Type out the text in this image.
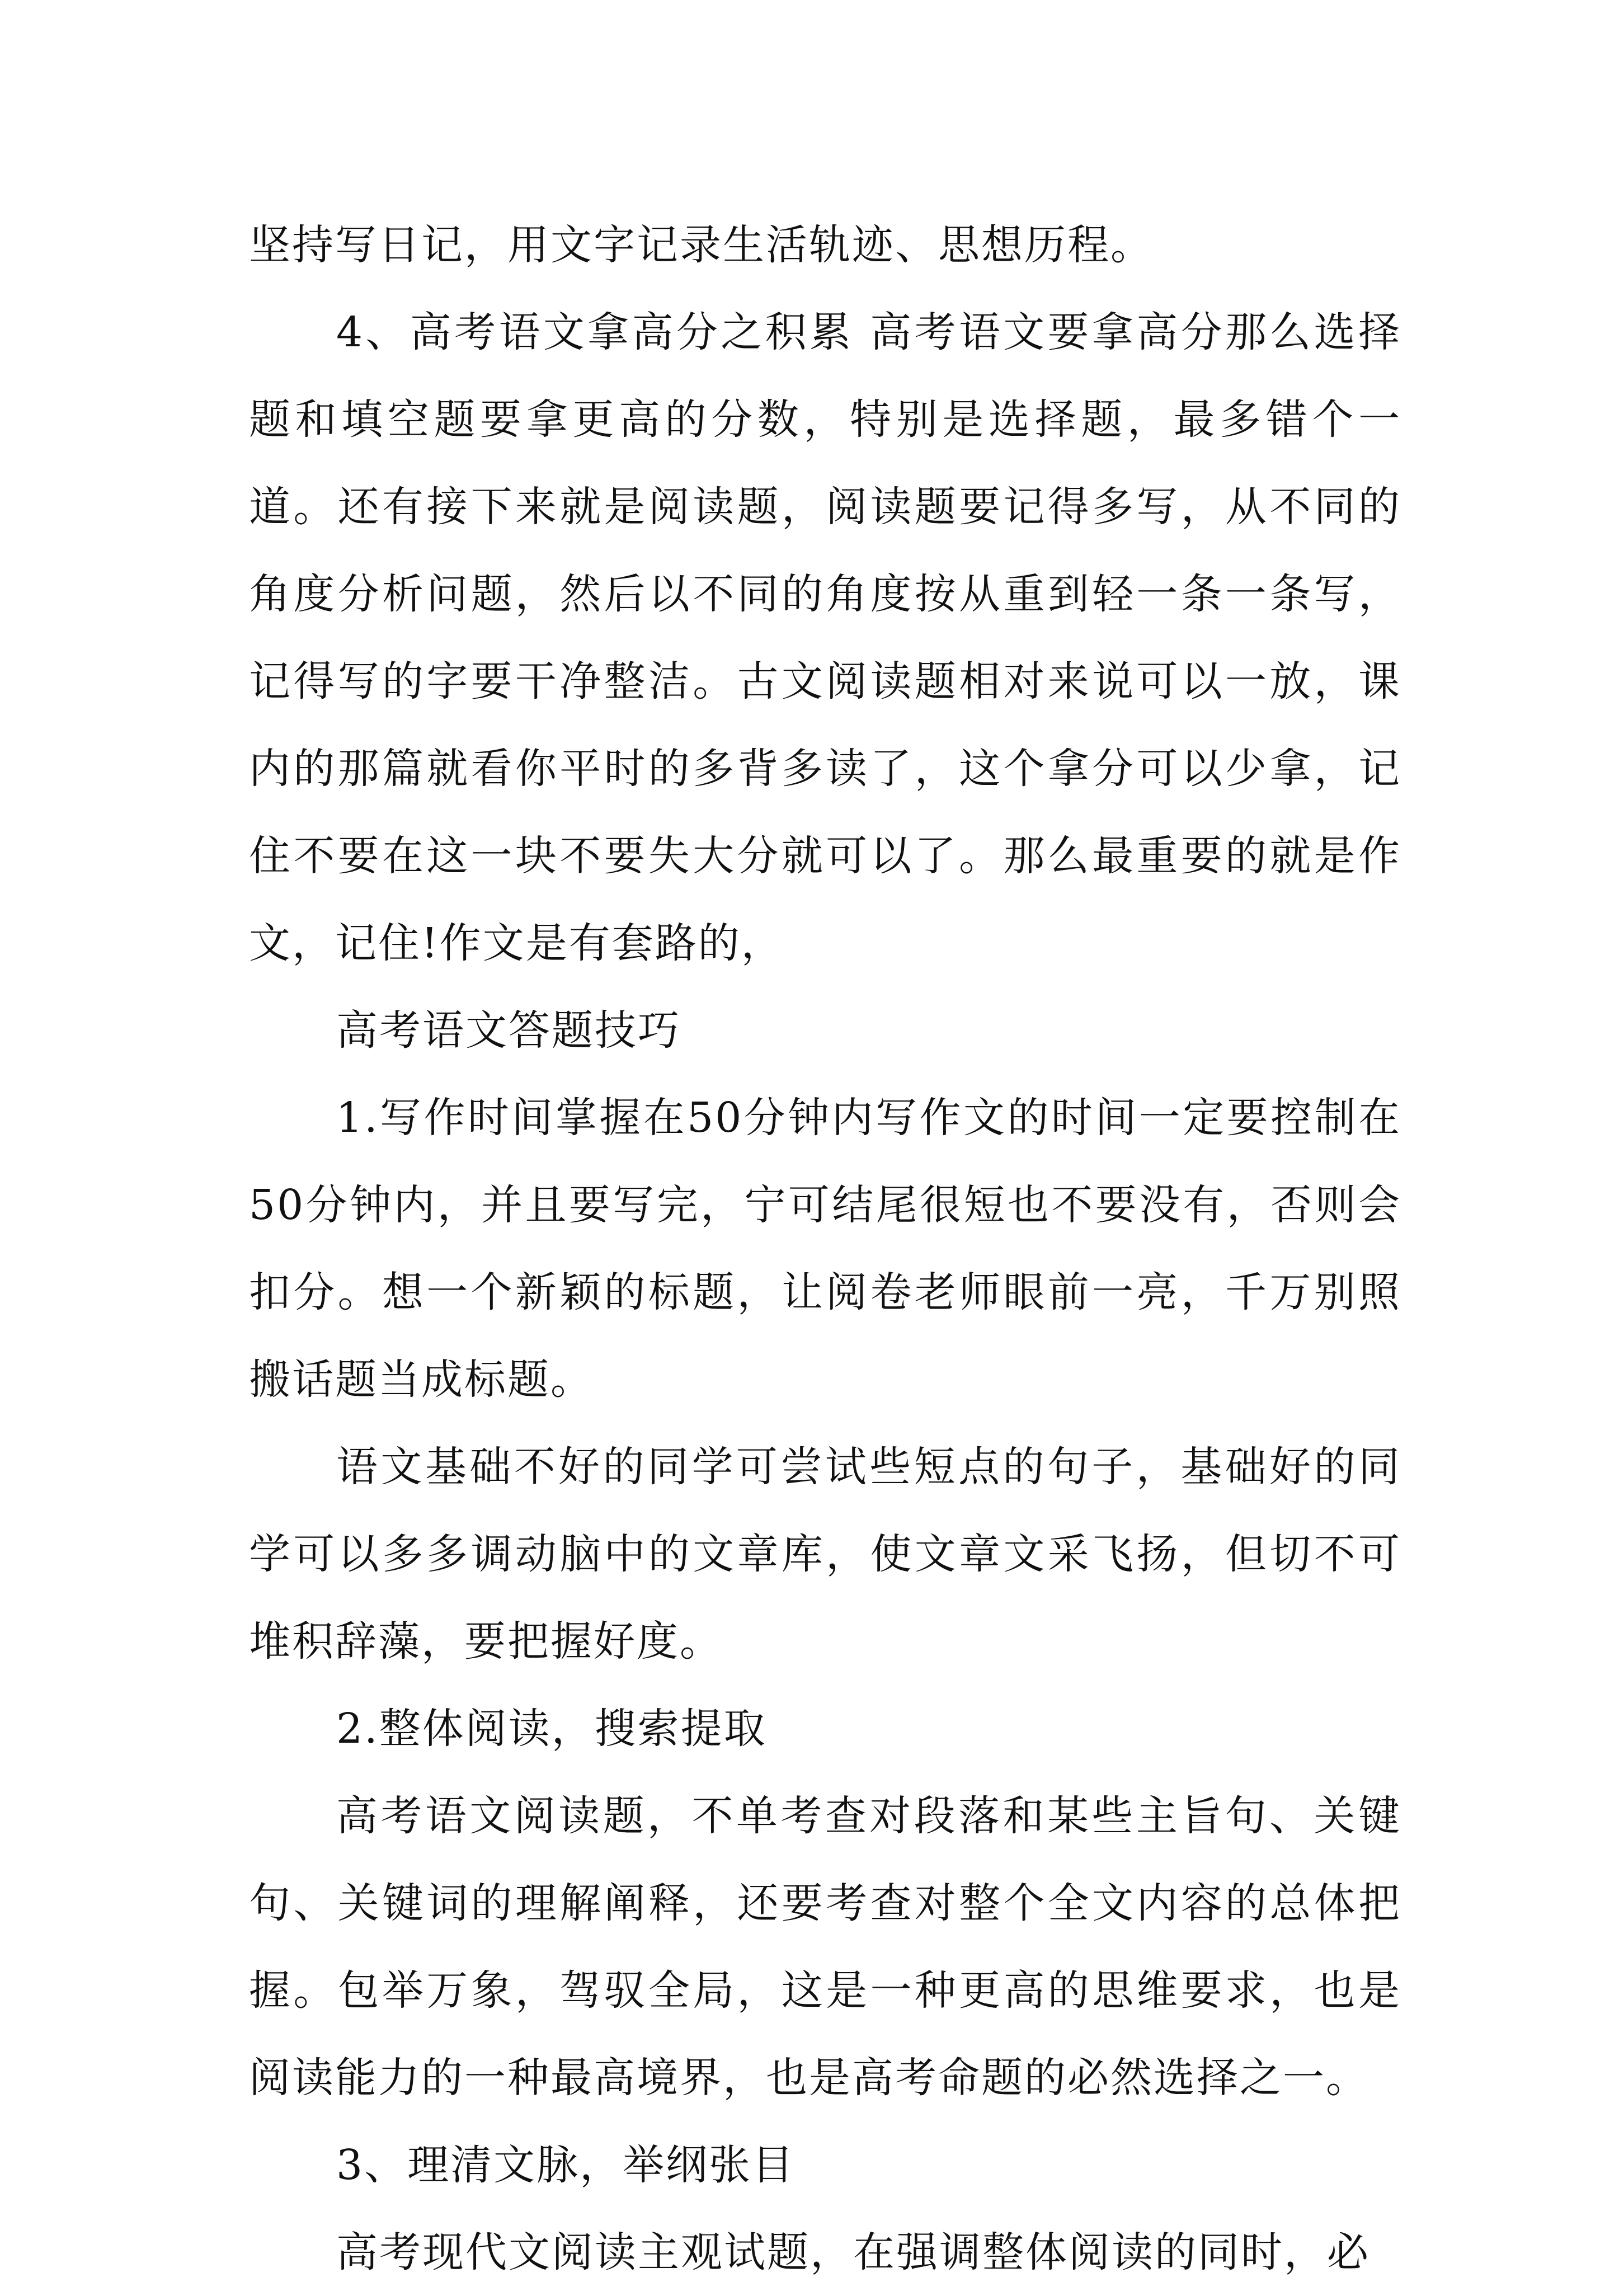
坚持写日记，用文字记录生活轨迹、思想历程。

4、高考语文拿高分之积累 高考语文要拿高分那么选择题和填空题要拿更高的分数，特别是选择题，最多错个一道。还有接下来就是阅读题，阅读题要记得多写，从不同的角度分析问题，然后以不同的角度按从重到轻一条一条写，记得写的字要干净整洁。古文阅读题相对来说可以一放，课内的那篇就看你平时的多背多读了，这个拿分可以少拿，记住不要在这一块不要失大分就可以了。那么最重要的就是作文，记住!作文是有套路的，

高考语文答题技巧

1.写作时间掌握在50分钟内写作文的时间一定要控制在50分钟内，并且要写完，宁可结尾很短也不要没有，否则会扣分。想一个新颖的标题，让阅卷老师眼前一亮，千万别照搬话题当成标题。

语文基础不好的同学可尝试些短点的句子，基础好的同学可以多多调动脑中的文章库，使文章文采飞扬，但切不可堆积辞藻，要把握好度。

2.整体阅读，搜索提取

高考语文阅读题，不单考查对段落和某些主旨句、关键句、关键词的理解阐释，还要考查对整个全文内容的总体把握。包举万象，驾驭全局，这是一种更高的思维要求，也是阅读能力的一种最高境界，也是高考命题的必然选择之一。

3、理清文脉，举纲张目

高考现代文阅读主观试题，在强调整体阅读的同时，必
